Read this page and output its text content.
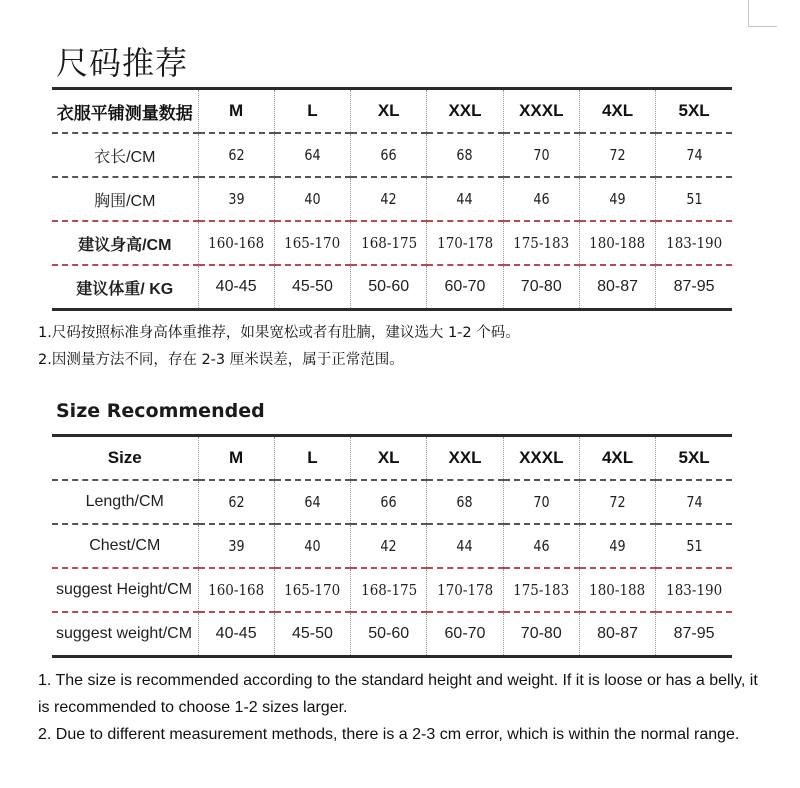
尺码推荐
衣服平铺测量数据	M	L	XL	XXL	XXXL	4XL	5XL
衣长/CM	62	64	66	68	70	72	74
胸围/CM	39	40	42	44	46	49	51
建议身高/CM	160-168	165-170	168-175	170-178	175-183	180-188	183-190
建议体重/ KG	40-45	45-50	50-60	60-70	70-80	80-87	87-95

1.尺码按照标准身高体重推荐，如果宽松或者有肚腩，建议选大 1-2 个码。

2.因测量方法不同，存在 2-3 厘米误差，属于正常范围。

Size Recommended
Size	M	L	XL	XXL	XXXL	4XL	5XL
Length/CM	62	64	66	68	70	72	74
Chest/CM	39	40	42	44	46	49	51
suggest Height/CM	160-168	165-170	168-175	170-178	175-183	180-188	183-190
suggest weight/CM	40-45	45-50	50-60	60-70	70-80	80-87	87-95

1. The size is recommended according to the standard height and weight. If it is loose or has a belly, it is recommended to choose 1-2 sizes larger.

2. Due to different measurement methods, there is a 2-3 cm error, which is within the normal range.
